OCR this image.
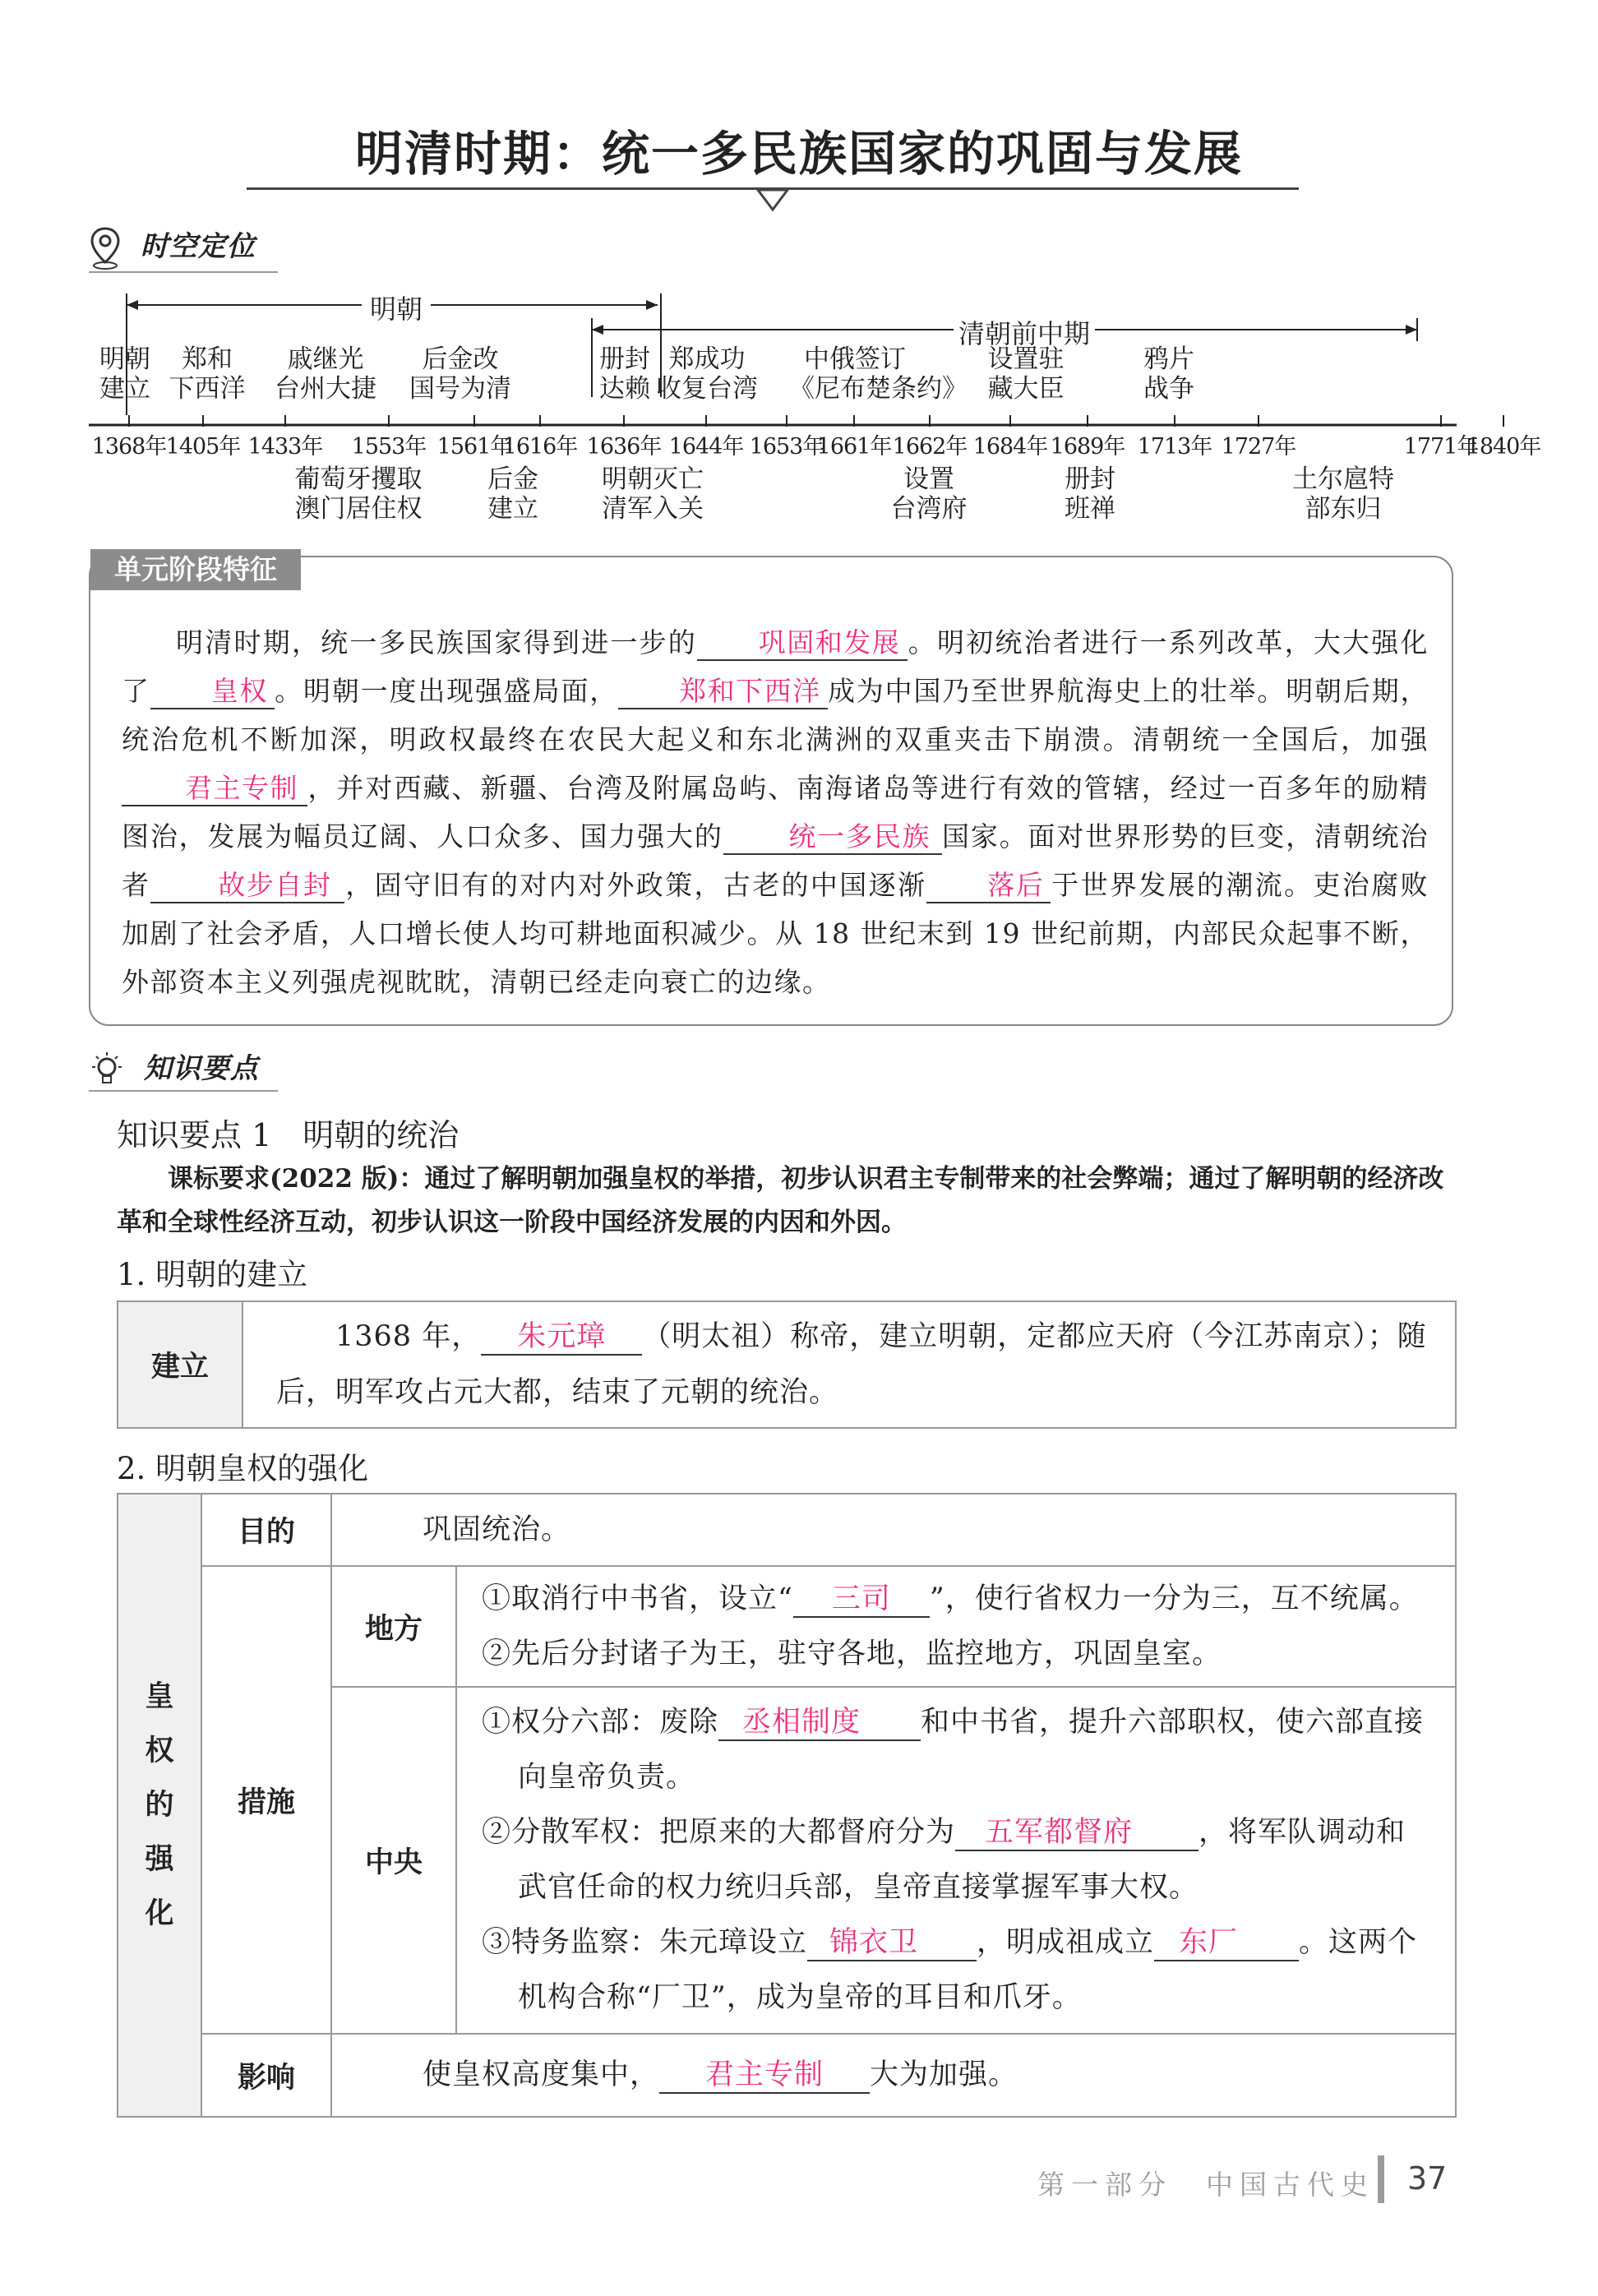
明清时期：统一多民族国家的巩固与发展
时空定位
明朝
清朝前中期
明朝
建立
郑和
下西洋
戚继光
台州大捷
后金改
国号为清
册封
达赖
郑成功
收复台湾
中俄签订
《尼布楚条约》
设置驻
藏大臣
鸦片
战争
1368年 1405年 1433年 1553年 1561年
1616年 1636年 1644年 1653年
1661年 1662年 1684年 1689年 1713年 1727年	1771年
1840年
葡萄牙攫取
澳门居住权
后金
建立
明朝灭亡
清军入关
设置
台湾府
册封
班禅
土尔扈特
部东归
单元阶段特征

明清时期，统一多民族国家得到进一步的 巩固和发展 。明初统治者进行一系列改革，大大强化了 皇权 。明朝一度出现强盛局面， 郑和下西洋 成为中国乃至世界航海史上的壮举。明朝后期，统治危机不断加深，明政权最终在农民大起义和东北满洲的双重夹击下崩溃。清朝统一全国后，加强君主专制 ，并对西藏、新疆、台湾及附属岛屿、南海诸岛等进行有效的管辖，经过一百多年的励精图治，发展为幅员辽阔、人口众多、国力强大的 统一多民族 国家。面对世界形势的巨变，清朝统治者 故步自封 ，固守旧有的对内对外政策，古老的中国逐渐 落后 于世界发展的潮流。吏治腐败加剧了社会矛盾，人口增长使人均可耕地面积减少。从 18 世纪末到 19 世纪前期，内部民众起事不断，外部资本主义列强虎视眈眈，清朝已经走向衰亡的边缘。

知识要点
知识要点 1　明朝的统治
课标要求(2022 版)：通过了解明朝加强皇权的举措，初步认识君主专制带来的社会弊端；通过了解明朝的经济改革和全球性经济互动，初步认识这一阶段中国经济发展的内因和外因。
1. 明朝的建立
建立	1368 年， 朱元璋 （明太祖）称帝，建立明朝，定都应天府（今江苏南京）；随后，明军攻占元大都，结束了元朝的统治。
2. 明朝皇权的强化
皇
权
的
强
化	目的	巩固统治。	
	措施	地方	①取消行中书省，设立“ 三司 ”，使行省权力一分为三，互不统属。
②先后分封诸子为王，驻守各地，监控地方，巩固皇室。

		中央	①权分六部：废除 丞相制度 和中书省，提升六部职权，使六部直接向皇帝负责。
②分散军权：把原来的大都督府分为 五军都督府 ，将军队调动和武官任命的权力统归兵部，皇帝直接掌握军事大权。
③特务监察：朱元璋设立 锦衣卫 ，明成祖成立 东厂 。这两个机构合称“厂卫”，成为皇帝的耳目和爪牙。

	影响	使皇权高度集中， 君主专制 大为加强。	
第一部分　中国古代史 37
